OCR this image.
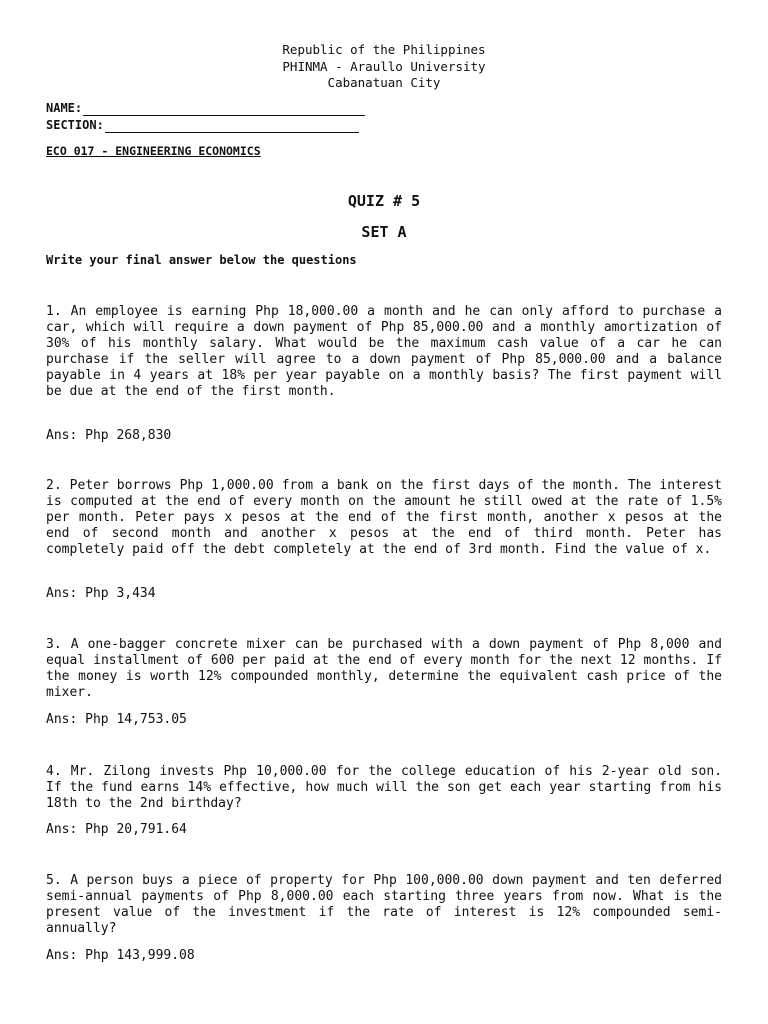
Republic of the Philippines
PHINMA - Araullo University
Cabanatuan City
NAME:
SECTION:
ECO 017 - ENGINEERING ECONOMICS
QUIZ # 5
SET A
Write your final answer below the questions
1. An employee is earning Php 18,000.00 a month and he can only afford to purchase a car, which will require a down payment of Php 85,000.00 and a monthly amortization of 30% of his monthly salary. What would be the maximum cash value of a car he can purchase if the seller will agree to a down payment of Php 85,000.00 and a balance payable in 4 years at 18% per year payable on a monthly basis? The first payment will be due at the end of the first month.
Ans: Php 268,830
2. Peter borrows Php 1,000.00 from a bank on the first days of the month. The interest is computed at the end of every month on the amount he still owed at the rate of 1.5% per month. Peter pays x pesos at the end of the first month, another x pesos at the end of second month and another x pesos at the end of third month. Peter has completely paid off the debt completely at the end of 3rd month. Find the value of x.
Ans: Php 3,434
3. A one-bagger concrete mixer can be purchased with a down payment of Php 8,000 and equal installment of 600 per paid at the end of every month for the next 12 months. If the money is worth 12% compounded monthly, determine the equivalent cash price of the mixer.
Ans: Php 14,753.05
4. Mr. Zilong invests Php 10,000.00 for the college education of his 2-year old son. If the fund earns 14% effective, how much will the son get each year starting from his 18th to the 2nd birthday?
Ans: Php 20,791.64
5. A person buys a piece of property for Php 100,000.00 down payment and ten deferred semi-annual payments of Php 8,000.00 each starting three years from now. What is the present value of the investment if the rate of interest is 12% compounded semi-annually?
Ans: Php 143,999.08
